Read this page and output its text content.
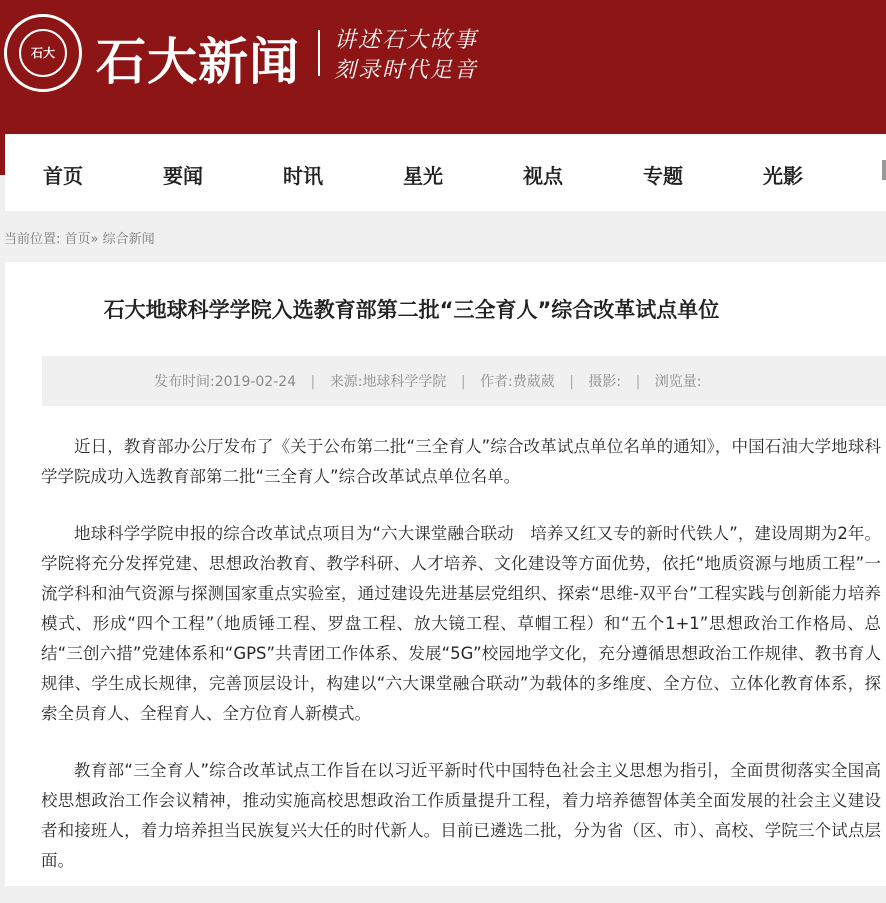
石大 石大新闻 讲述石大故事
刻录时代足音
首页	要闻	时讯	星光	视点	专题	光影
当前位置: 首页» 综合新闻
石大地球科学学院入选教育部第二批“三全育人”综合改革试点单位
发布时间:2019-02-24 | 来源:地球科学学院 | 作者:费葳葳 | 摄影: | 浏览量:

近日，教育部办公厅发布了《关于公布第二批“三全育人”综合改革试点单位名单的通知》，中国石油大学地球科学学院成功入选教育部第二批“三全育人”综合改革试点单位名单。

地球科学学院申报的综合改革试点项目为“六大课堂融合联动　培养又红又专的新时代铁人”，建设周期为2年。学院将充分发挥党建、思想政治教育、教学科研、人才培养、文化建设等方面优势，依托“地质资源与地质工程”一流学科和油气资源与探测国家重点实验室，通过建设先进基层党组织、探索“思维-双平台”工程实践与创新能力培养模式、形成“四个工程”（地质锤工程、罗盘工程、放大镜工程、草帽工程）和“五个1+1”思想政治工作格局、总结“三创六措”党建体系和“GPS”共青团工作体系、发展“5G”校园地学文化，充分遵循思想政治工作规律、教书育人规律、学生成长规律，完善顶层设计，构建以“六大课堂融合联动”为载体的多维度、全方位、立体化教育体系，探索全员育人、全程育人、全方位育人新模式。

教育部“三全育人”综合改革试点工作旨在以习近平新时代中国特色社会主义思想为指引，全面贯彻落实全国高校思想政治工作会议精神，推动实施高校思想政治工作质量提升工程，着力培养德智体美全面发展的社会主义建设者和接班人，着力培养担当民族复兴大任的时代新人。目前已遴选二批，分为省（区、市）、高校、学院三个试点层面。
